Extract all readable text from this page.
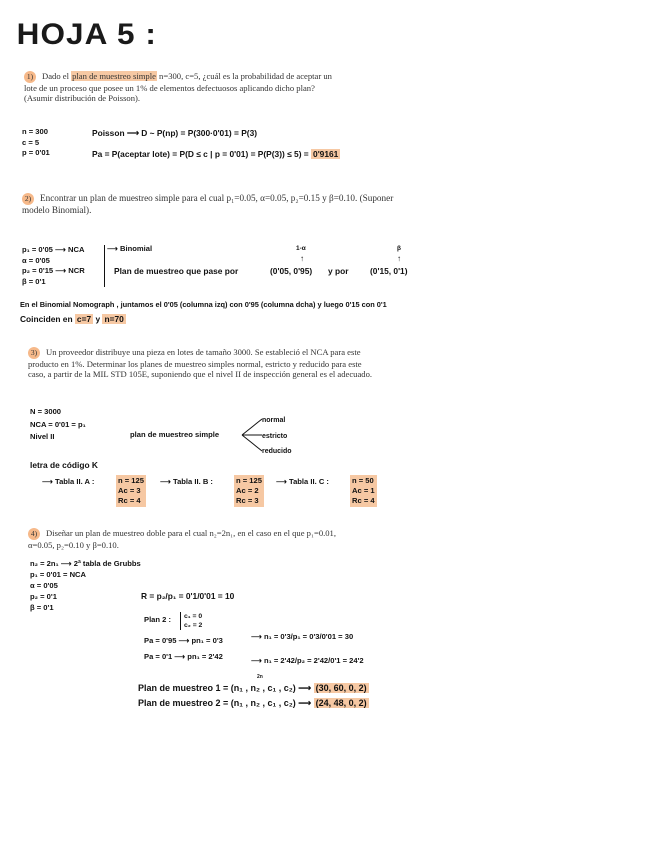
HOJA 5 :
1) Dado el plan de muestreo simple n=300, c=5, ¿cuál es la probabilidad de aceptar un lote de un proceso que posee un 1% de elementos defectuosos aplicando dicho plan? (Asumir distribución de Poisson).
n = 300
c = 5
p = 0'01
Poisson ⟶ D ~ P(np) = P(300·0'01) = P(3)
Pa = P(aceptar lote) = P(D ≤ c | p = 0'01) = P(P(3)) ≤ 5) = 0'9161
2) Encontrar un plan de muestreo simple para el cual p₁=0.05, α=0.05, p₂=0.15 y β=0.10. (Suponer modelo Binomial).
p₁ = 0'05 ⟶ NCA
α = 0'05
p₂ = 0'15 ⟶ NCR
β = 0'1
⟶ Binomial
Plan de muestreo que pase por
1-α
↑
(0'05, 0'95) y por
β
↑
(0'15, 0'1)
En el Binomial Nomograph , juntamos el 0'05 (columna izq) con 0'95 (columna dcha) y luego 0'15 con 0'1
Coinciden en c=7 y n=70
3) Un proveedor distribuye una pieza en lotes de tamaño 3000. Se estableció el NCA para este producto en 1%. Determinar los planes de muestreo simples normal, estricto y reducido para este caso, a partir de la MIL STD 105E, suponiendo que el nivel II de inspección general es el adecuado.
N = 3000
NCA = 0'01 = p₁
Nivel II	plan de muestreo simple
normal
estricto
reducido
letra de código K
⟶ Tabla II. A :	n = 125
Ac = 3
Rc = 4
⟶ Tabla II. B :	n = 125
Ac = 2
Rc = 3
⟶ Tabla II. C :	n = 50
Ac = 1
Rc = 4
4) Diseñar un plan de muestreo doble para el cual n₂=2n₁, en el caso en el que p₁=0.01, α=0.05, p₂=0.10 y β=0.10.
n₂ = 2n₁ ⟶ 2ª tabla de Grubbs
p₁ = 0'01 = NCA
α = 0'05
p₂ = 0'1
β = 0'1
R = p₂/p₁ = 0'1/0'01 = 10
Plan 2 : c₁ = 0
c₂ = 2
Pa = 0'95 ⟶ pn₁ = 0'3	⟶ n₁ = 0'3/p₁ = 0'3/0'01 = 30
Pa = 0'1 ⟶ pn₁ = 2'42	⟶ n₁ = 2'42/p₂ = 2'42/0'1 = 24'2
2n
Plan de muestreo 1 = (n₁ , n₂ , c₁ , c₂) ⟶ (30, 60, 0, 2)
Plan de muestreo 2 = (n₁ , n₂ , c₁ , c₂) ⟶ (24, 48, 0, 2)
